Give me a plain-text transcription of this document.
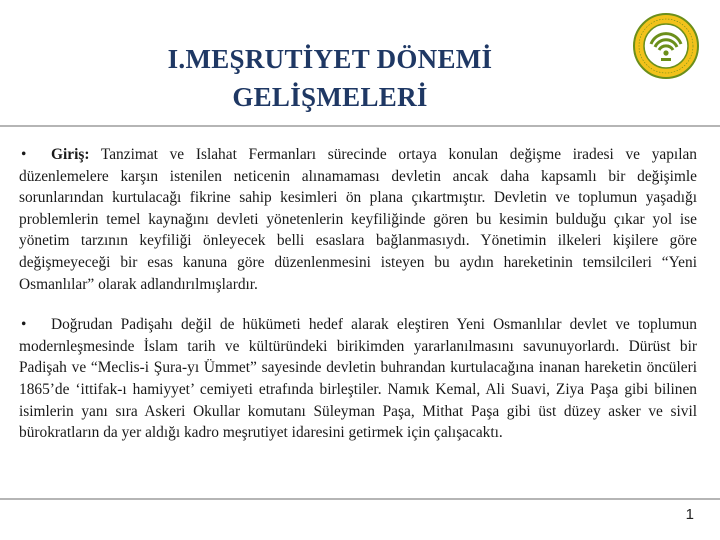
I.MEŞRUTİYET DÖNEMİ
GELİŞMELERİ

• Giriş: Tanzimat ve Islahat Fermanları sürecinde ortaya konulan değişme iradesi ve yapılan düzenlemelere karşın istenilen neticenin alınamaması devletin ancak daha kapsamlı bir değişimle sorunlarından kurtulacağı fikrine sahip kesimleri ön plana çıkartmıştır. Devletin ve toplumun yaşadığı problemlerin temel kaynağını devleti yönetenlerin keyfiliğinde gören bu kesimin bulduğu çıkar yol ise yönetim tarzının keyfiliği önleyecek belli esaslara bağlanmasıydı. Yönetimin ilkeleri kişilere göre değişmeyeceği bir esas kanuna göre düzenlenmesini isteyen bu aydın hareketinin temsilcileri “Yeni Osmanlılar” olarak adlandırılmışlardır.

• Doğrudan Padişahı değil de hükümeti hedef alarak eleştiren Yeni Osmanlılar devlet ve toplumun modernleşmesinde İslam tarih ve kültüründeki birikimden yararlanılmasını savunuyorlardı. Dürüst bir Padişah ve “Meclis-i Şura-yı Ümmet” sayesinde devletin buhrandan kurtulacağına inanan hareketin öncüleri 1865’de ‘ittifak-ı hamiyyet’ cemiyeti etrafında birleştiler. Namık Kemal, Ali Suavi, Ziya Paşa gibi bilinen isimlerin yanı sıra Askeri Okullar komutanı Süleyman Paşa, Mithat Paşa gibi üst düzey asker ve sivil bürokratların da yer aldığı kadro meşrutiyet idaresini getirmek için çalışacaktı.

1
